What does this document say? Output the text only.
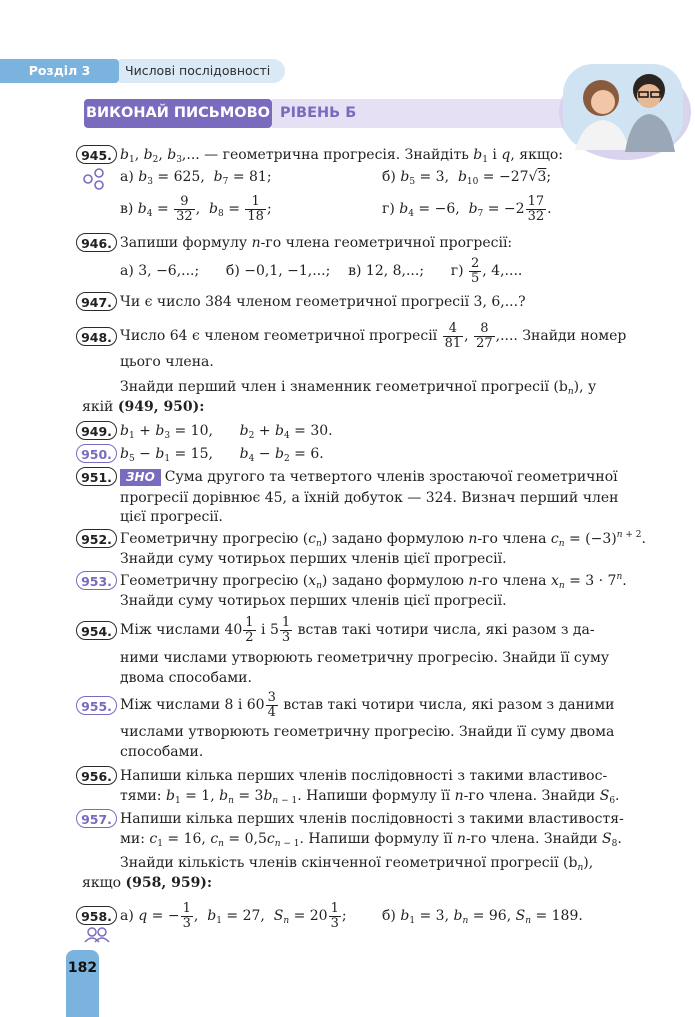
Розділ 3	Числові послідовності
ВИКОНАЙ ПИСЬМОВО РІВЕНЬ Б
945. $b_1$, $b_2$, $b_3$,... — геометрична прогресія. Знайдіть $b_1$ і q, якщо:
а) $b_3 = 625$,  $b_7 = 81$;	б) $b_5 = 3$,  $b_{10} = -27√3$;
в) $b_4 = \frac{9}{32}$ ,  $b_8 = \frac{1}{18}$ ;	г) $b_4 = -6$,  $b_7 = -2 \frac{17}{32}$ .
946. Запиши формулу n-го члена геометричної прогресії:
а) 3, −6,...;      б) −0,1, −1,...;    в) 12, 8,...;      $г) \frac{2}{5}$ , 4,....
947. Чи є число 384 членом геометричної прогресії 3, 6,...?
948. Число 64 є членом геометричної прогресії $\frac{4}{81}$ , $\frac{8}{27}$ ,.... Знайди номер
цього члена.
Знайди перший член і знаменник геометричної прогресії $(b_n)$, у
якій (949, 950):
949. $b_1 + b_3 = 10$,      $b_2 + b_4 = 30$.
950. $b_5 - b_1 = 15$,      $b_4 - b_2 = 6$.
951.	ЗНО Сума другого та четвертого членів зростаючої геометричної
прогресії дорівнює 45, а їхній добуток — 324. Визнач перший член
цієї прогресії.
952. Геометричну прогресію $(c_n)$ задано формулою n-го члена $c_n = (-3)^{n + 2}$.
Знайди суму чотирьох перших членів цієї прогресії.
953. Геометричну прогресію $(x_n)$ задано формулою n-го члена $x_n = 3 \cdot 7^n$.
Знайди суму чотирьох перших членів цієї прогресії.
954. Між числами $40 \frac{1}{2}$ і $5 \frac{1}{3}$ встав такі чотири числа, які разом з да-
ними числами утворюють геометричну прогресію. Знайди її суму
двома способами.
955. Між числами 8 і $60 \frac{3}{4}$ встав такі чотири числа, які разом з даними
числами утворюють геометричну прогресію. Знайди її суму двома
способами.
956. Напиши кілька перших членів послідовності з такими властивос-
тями: $b_1 = 1$, $b_n = 3b_{n - 1}$. Напиши формулу її n-го члена. Знайди $S_6$.
957. Напиши кілька перших членів послідовності з такими властивостя-
ми: $c_1 = 16$, $c_n = 0,5c_{n - 1}$. Напиши формулу її n-го члена. Знайди $S_8$.
Знайди кількість членів скінченної геометричної прогресії $(b_n)$,
якщо (958, 959):
958. а) q = − $\frac{1}{3}$ ,  $b_1 = 27$,  $S_n = 20 \frac{1}{3}$ ;	б) $b_1 = 3$, $b_n = 96$, $S_n = 189$.
182
